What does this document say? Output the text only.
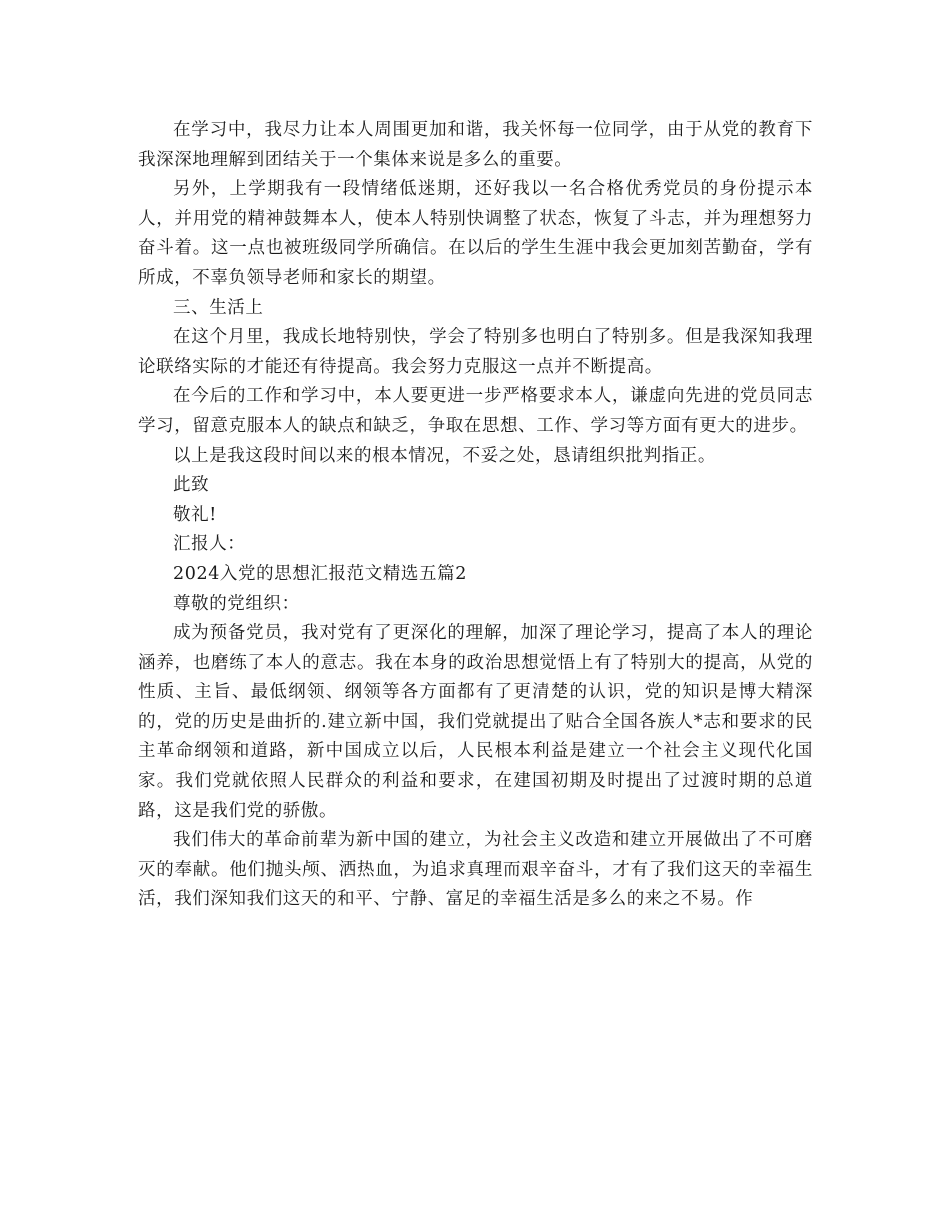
在学习中，我尽力让本人周围更加和谐，我关怀每一位同学，由于从党的教育下我深深地理解到团结关于一个集体来说是多么的重要。

另外，上学期我有一段情绪低迷期，还好我以一名合格优秀党员的身份提示本人，并用党的精神鼓舞本人，使本人特别快调整了状态，恢复了斗志，并为理想努力奋斗着。这一点也被班级同学所确信。在以后的学生生涯中我会更加刻苦勤奋，学有所成，不辜负领导老师和家长的期望。

三、生活上

在这个月里，我成长地特别快，学会了特别多也明白了特别多。但是我深知我理论联络实际的才能还有待提高。我会努力克服这一点并不断提高。

在今后的工作和学习中，本人要更进一步严格要求本人，谦虚向先进的党员同志学习，留意克服本人的缺点和缺乏，争取在思想、工作、学习等方面有更大的进步。

以上是我这段时间以来的根本情况，不妥之处，恳请组织批判指正。

此致

敬礼!

汇报人：

2024入党的思想汇报范文精选五篇2

尊敬的党组织：

成为预备党员，我对党有了更深化的理解，加深了理论学习，提高了本人的理论涵养，也磨练了本人的意志。我在本身的政治思想觉悟上有了特别大的提高，从党的性质、主旨、最低纲领、纲领等各方面都有了更清楚的认识，党的知识是博大精深的，党的历史是曲折的.建立新中国，我们党就提出了贴合全国各族人*志和要求的民主革命纲领和道路，新中国成立以后，人民根本利益是建立一个社会主义现代化国家。我们党就依照人民群众的利益和要求，在建国初期及时提出了过渡时期的总道路，这是我们党的骄傲。

我们伟大的革命前辈为新中国的建立，为社会主义改造和建立开展做出了不可磨灭的奉献。他们抛头颅、洒热血，为追求真理而艰辛奋斗，才有了我们这天的幸福生活，我们深知我们这天的和平、宁静、富足的幸福生活是多么的来之不易。作
